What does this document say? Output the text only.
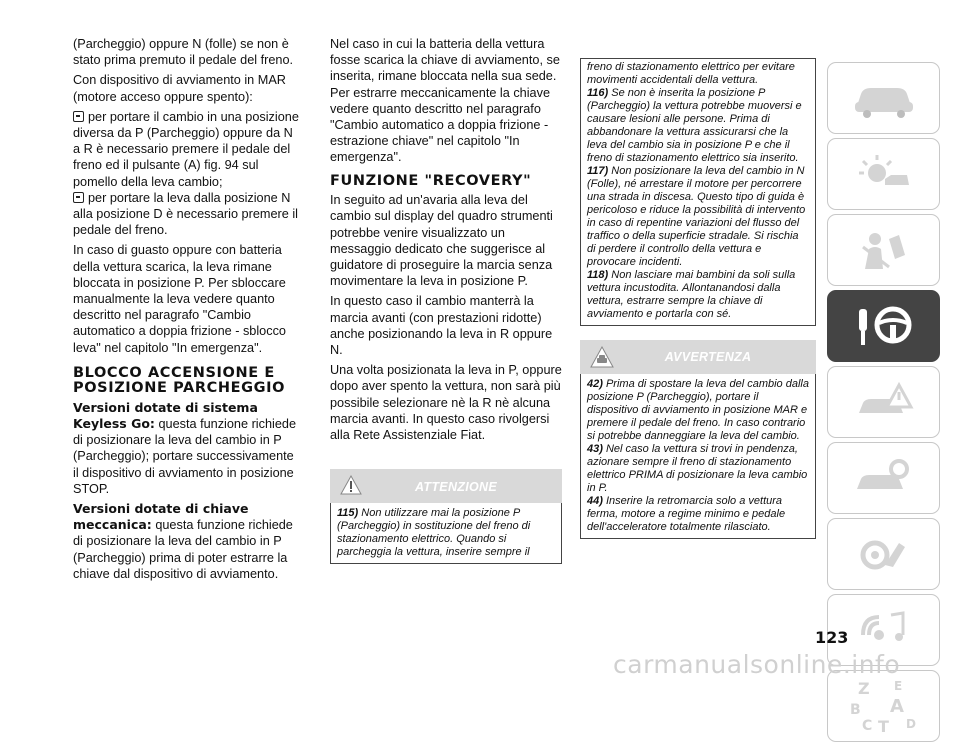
(Parcheggio) oppure N (folle) se non è stato prima premuto il pedale del freno.

Con dispositivo di avviamento in MAR (motore acceso oppure spento):

per portare il cambio in una posizione diversa da P (Parcheggio) oppure da N a R è necessario premere il pedale del freno ed il pulsante (A) fig. 94 sul pomello della leva cambio;

per portare la leva dalla posizione N alla posizione D è necessario premere il pedale del freno.

In caso di guasto oppure con batteria della vettura scarica, la leva rimane bloccata in posizione P. Per sbloccare manualmente la leva vedere quanto descritto nel paragrafo "Cambio automatico a doppia frizione - sblocco leva" nel capitolo "In emergenza".

BLOCCO ACCENSIONE E POSIZIONE PARCHEGGIO

Versioni dotate di sistema Keyless Go: questa funzione richiede di posizionare la leva del cambio in P (Parcheggio); portare successivamente il dispositivo di avviamento in posizione STOP.

Versioni dotate di chiave meccanica: questa funzione richiede di posizionare la leva del cambio in P (Parcheggio) prima di poter estrarre la chiave dal dispositivo di avviamento.

Nel caso in cui la batteria della vettura fosse scarica la chiave di avviamento, se inserita, rimane bloccata nella sua sede. Per estrarre meccanicamente la chiave vedere quanto descritto nel paragrafo "Cambio automatico a doppia frizione - estrazione chiave" nel capitolo "In emergenza".

FUNZIONE "RECOVERY"

In seguito ad un'avaria alla leva del cambio sul display del quadro strumenti potrebbe venire visualizzato un messaggio dedicato che suggerisce al guidatore di proseguire la marcia senza movimentare la leva in posizione P.

In questo caso il cambio manterrà la marcia avanti (con prestazioni ridotte) anche posizionando la leva in R oppure N.

Una volta posizionata la leva in P, oppure dopo aver spento la vettura, non sarà più possibile selezionare nè la R nè alcuna marcia avanti. In questo caso rivolgersi alla Rete Assistenziale Fiat.

ATTENZIONE

115) Non utilizzare mai la posizione P (Parcheggio) in sostituzione del freno di stazionamento elettrico. Quando si parcheggia la vettura, inserire sempre il

freno di stazionamento elettrico per evitare movimenti accidentali della vettura.

116) Se non è inserita la posizione P (Parcheggio) la vettura potrebbe muoversi e causare lesioni alle persone. Prima di abbandonare la vettura assicurarsi che la leva del cambio sia in posizione P e che il freno di stazionamento elettrico sia inserito.

117) Non posizionare la leva del cambio in N (Folle), né arrestare il motore per percorrere una strada in discesa. Questo tipo di guida è pericoloso e riduce la possibilità di intervento in caso di repentine variazioni del flusso del traffico o della superficie stradale. Si rischia di perdere il controllo della vettura e provocare incidenti.

118) Non lasciare mai bambini da soli sulla vettura incustodita. Allontanandosi dalla vettura, estrarre sempre la chiave di avviamento e portarla con sé.

AVVERTENZA

42) Prima di spostare la leva del cambio dalla posizione P (Parcheggio), portare il dispositivo di avviamento in posizione MAR e premere il pedale del freno. In caso contrario si potrebbe danneggiare la leva del cambio.

43) Nel caso la vettura si trovi in pendenza, azionare sempre il freno di stazionamento elettrico PRIMA di posizionare la leva cambio in P.

44) Inserire la retromarcia solo a vettura ferma, motore a regime minimo e pedale dell'acceleratore totalmente rilasciato.

Z E
B A
C T D
123
carmanualsonline.info
